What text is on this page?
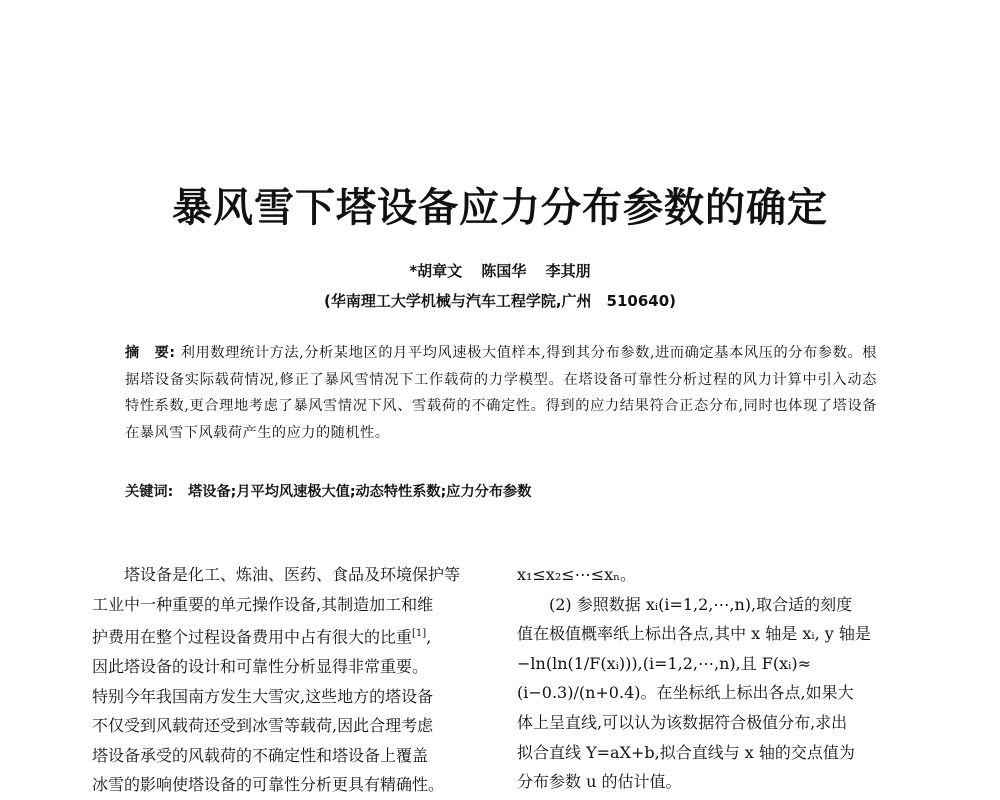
暴风雪下塔设备应力分布参数的确定
*胡章文 陈国华 李其朋
(华南理工大学机械与汽车工程学院,广州　510640)
摘　要: 利用数理统计方法,分析某地区的月平均风速极大值样本,得到其分布参数,进而确定基本风压的分布参数。根据塔设备实际载荷情况,修正了暴风雪情况下工作载荷的力学模型。在塔设备可靠性分析过程的风力计算中引入动态特性系数,更合理地考虑了暴风雪情况下风、雪载荷的不确定性。得到的应力结果符合正态分布,同时也体现了塔设备在暴风雪下风载荷产生的应力的随机性。
关键词: 塔设备;月平均风速极大值;动态特性系数;应力分布参数
塔设备是化工、炼油、医药、食品及环境保护等
工业中一种重要的单元操作设备,其制造加工和维
护费用在整个过程设备费用中占有很大的比重[1],
因此塔设备的设计和可靠性分析显得非常重要。
特别今年我国南方发生大雪灾,这些地方的塔设备
不仅受到风载荷还受到冰雪等载荷,因此合理考虑
塔设备承受的风载荷的不确定性和塔设备上覆盖
冰雪的影响使塔设备的可靠性分析更具有精确性。
x₁≤x₂≤⋯≤xₙ。
(2) 参照数据 xᵢ(i=1,2,⋯,n),取合适的刻度
值在极值概率纸上标出各点,其中 x 轴是 xᵢ, y 轴是
−ln(ln(1/F(xᵢ))),(i=1,2,⋯,n),且 F(xᵢ)≈
(i−0.3)/(n+0.4)。在坐标纸上标出各点,如果大
体上呈直线,可以认为该数据符合极值分布,求出
拟合直线 Y=aX+b,拟合直线与 x 轴的交点值为
分布参数 u 的估计值。
